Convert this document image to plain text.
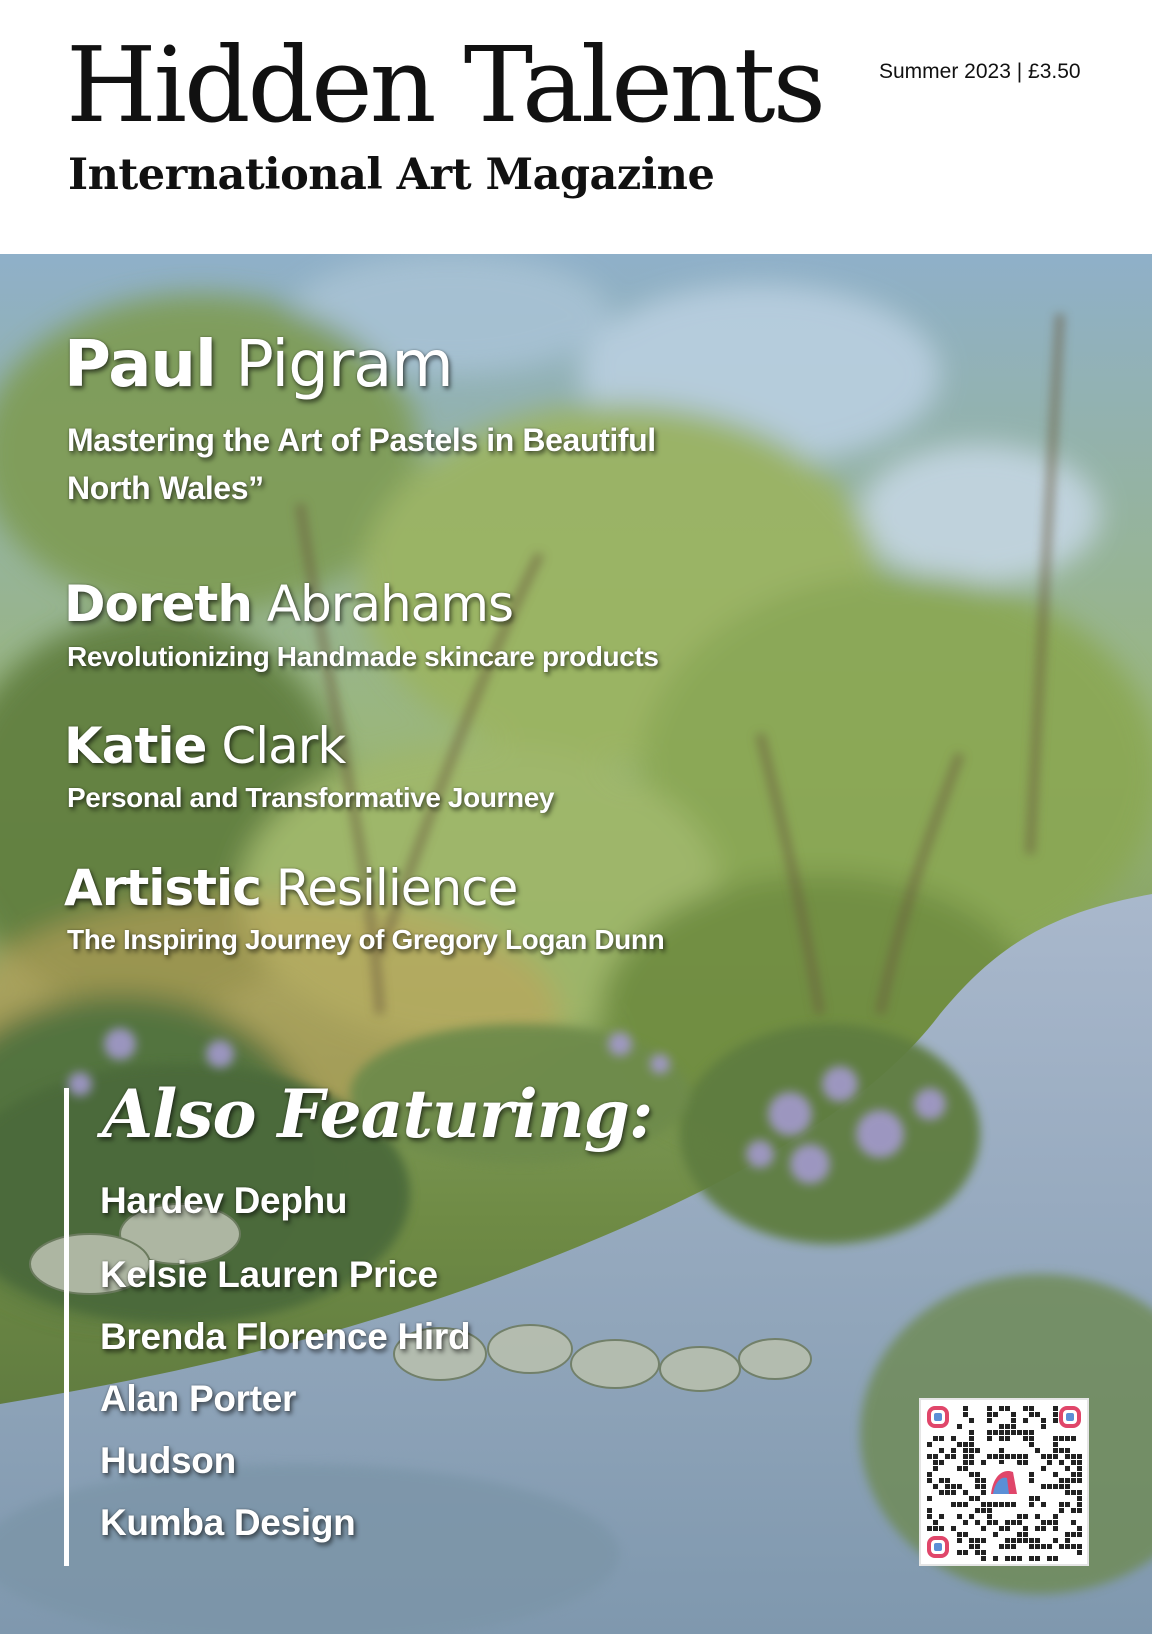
Hidden Talents
International Art Magazine
Summer 2023 | £3.50
Paul Pigram

Mastering the Art of Pastels in Beautiful
North Wales”

Doreth Abrahams

Revolutionizing Handmade skincare products

Katie Clark

Personal and Transformative Journey

Artistic Resilience

The Inspiring Journey of Gregory Logan Dunn

Also Featuring:
Hardev Dephu
Kelsie Lauren Price
Brenda Florence Hird
Alan Porter
Hudson
Kumba Design
